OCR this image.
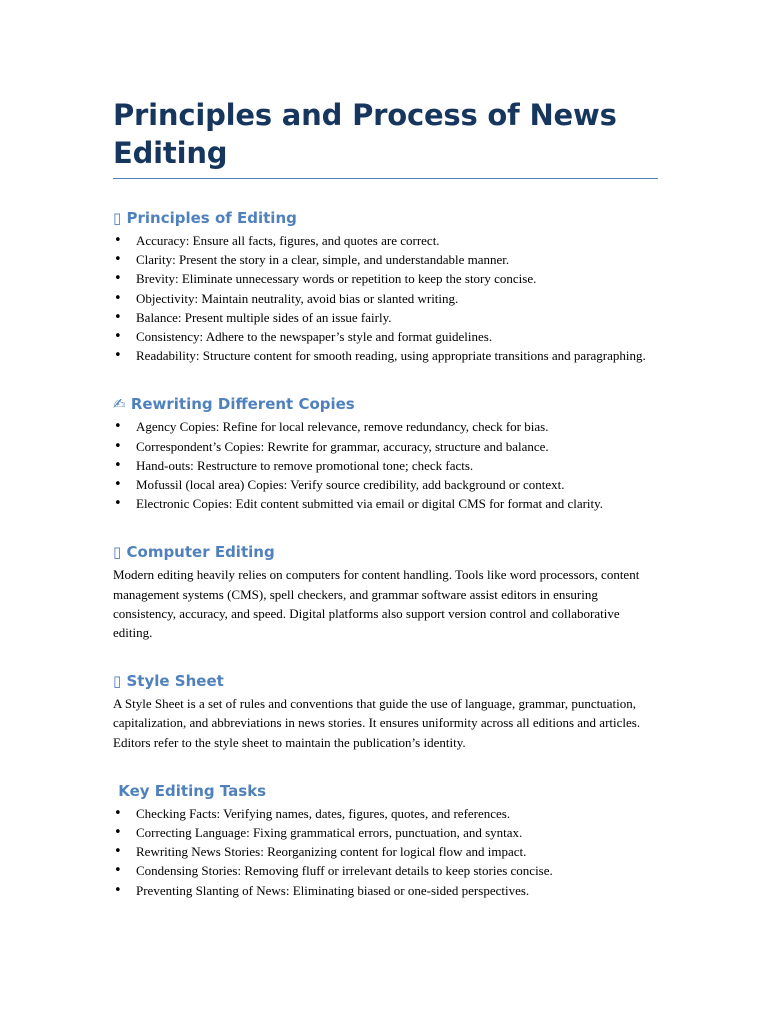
Principles and Process of News Editing
▯ Principles of Editing
• Accuracy: Ensure all facts, figures, and quotes are correct.
• Clarity: Present the story in a clear, simple, and understandable manner.
• Brevity: Eliminate unnecessary words or repetition to keep the story concise.
• Objectivity: Maintain neutrality, avoid bias or slanted writing.
• Balance: Present multiple sides of an issue fairly.
• Consistency: Adhere to the newspaper’s style and format guidelines.
• Readability: Structure content for smooth reading, using appropriate transitions and paragraphing.
✍ Rewriting Different Copies
• Agency Copies: Refine for local relevance, remove redundancy, check for bias.
• Correspondent’s Copies: Rewrite for grammar, accuracy, structure and balance.
• Hand-outs: Restructure to remove promotional tone; check facts.
• Mofussil (local area) Copies: Verify source credibility, add background or context.
• Electronic Copies: Edit content submitted via email or digital CMS for format and clarity.
▯ Computer Editing

Modern editing heavily relies on computers for content handling. Tools like word processors, content management systems (CMS), spell checkers, and grammar software assist editors in ensuring consistency, accuracy, and speed. Digital platforms also support version control and collaborative editing.

▯ Style Sheet

A Style Sheet is a set of rules and conventions that guide the use of language, grammar, punctuation, capitalization, and abbreviations in news stories. It ensures uniformity across all editions and articles. Editors refer to the style sheet to maintain the publication’s identity.

Key Editing Tasks
• Checking Facts: Verifying names, dates, figures, quotes, and references.
• Correcting Language: Fixing grammatical errors, punctuation, and syntax.
• Rewriting News Stories: Reorganizing content for logical flow and impact.
• Condensing Stories: Removing fluff or irrelevant details to keep stories concise.
• Preventing Slanting of News: Eliminating biased or one-sided perspectives.
